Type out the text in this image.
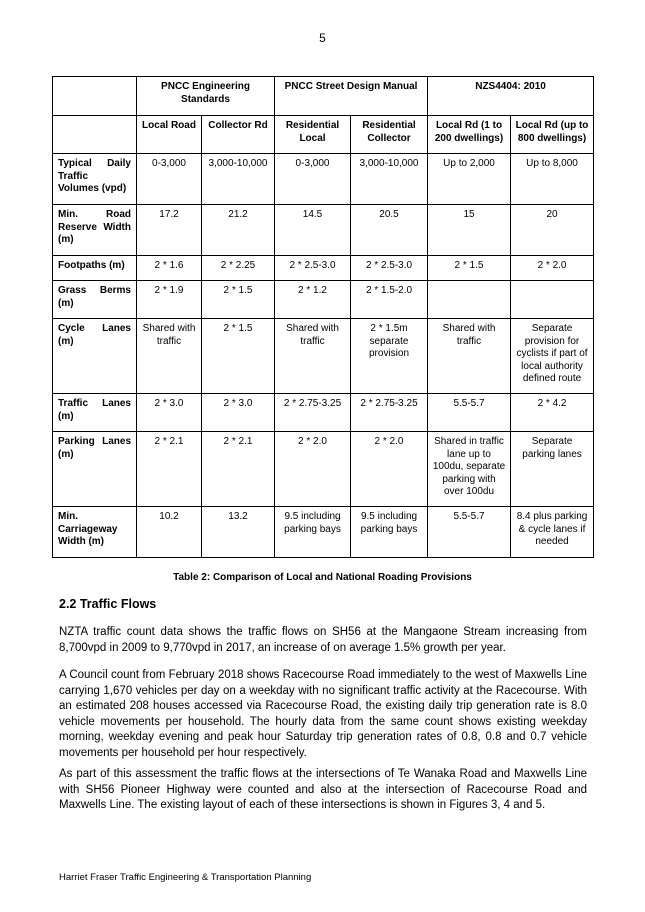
5
	PNCC Engineering Standards		PNCC Street Design Manual		NZS4404: 2010	
	Local Road	Collector Rd	Residential Local	Residential Collector	Local Rd (1 to 200 dwellings)	Local Rd (up to 800 dwellings)
Typical Daily Traffic Volumes (vpd)	0-3,000	3,000-10,000	0-3,000	3,000-10,000	Up to 2,000	Up to 8,000
Min. Road Reserve Width (m)	17.2	21.2	14.5	20.5	15	20
Footpaths (m)	2 * 1.6	2 * 2.25	2 * 2.5-3.0	2 * 2.5-3.0	2 * 1.5	2 * 2.0
Grass Berms (m)	2 * 1.9	2 * 1.5	2 * 1.2	2 * 1.5-2.0		
Cycle Lanes (m)	Shared with traffic	2 * 1.5	Shared with traffic	2 * 1.5m separate provision	Shared with traffic	Separate provision for cyclists if part of local authority defined route
Traffic Lanes (m)	2 * 3.0	2 * 3.0	2 * 2.75-3.25	2 * 2.75-3.25	5.5-5.7	2 * 4.2
Parking Lanes (m)	2 * 2.1	2 * 2.1	2 * 2.0	2 * 2.0	Shared in traffic lane up to 100du, separate parking with over 100du	Separate parking lanes
Min. Carriageway Width (m)	10.2	13.2	9.5 including parking bays	9.5 including parking bays	5.5-5.7	8.4 plus parking & cycle lanes if needed
Table 2: Comparison of Local and National Roading Provisions
2.2 Traffic Flows

NZTA traffic count data shows the traffic flows on SH56 at the Mangaone Stream increasing from 8,700vpd in 2009 to 9,770vpd in 2017, an increase of on average 1.5% growth per year.

A Council count from February 2018 shows Racecourse Road immediately to the west of Maxwells Line carrying 1,670 vehicles per day on a weekday with no significant traffic activity at the Racecourse. With an estimated 208 houses accessed via Racecourse Road, the existing daily trip generation rate is 8.0 vehicle movements per household. The hourly data from the same count shows existing weekday morning, weekday evening and peak hour Saturday trip generation rates of 0.8, 0.8 and 0.7 vehicle movements per household per hour respectively.

As part of this assessment the traffic flows at the intersections of Te Wanaka Road and Maxwells Line with SH56 Pioneer Highway were counted and also at the intersection of Racecourse Road and Maxwells Line. The existing layout of each of these intersections is shown in Figures 3, 4 and 5.

Harriet Fraser Traffic Engineering & Transportation Planning
